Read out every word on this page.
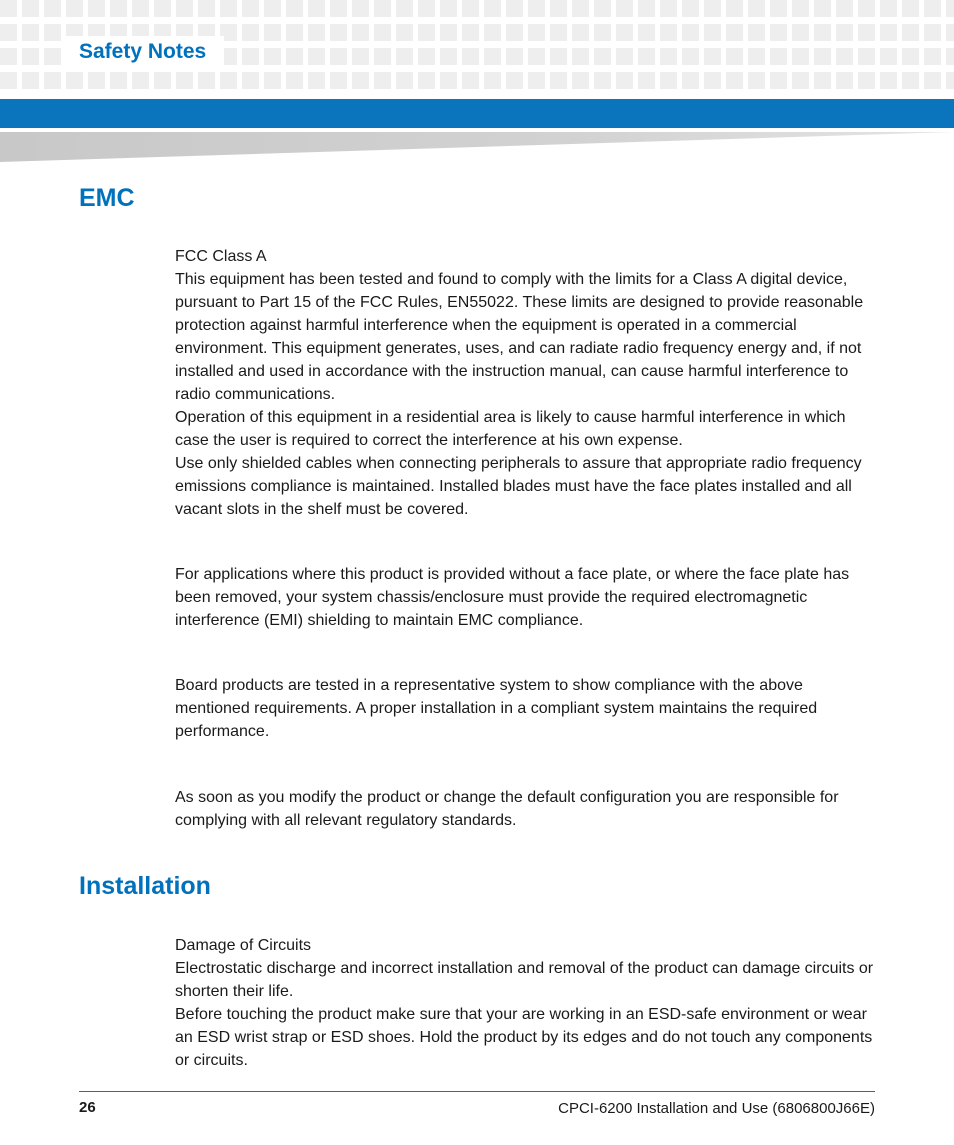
Safety Notes
EMC

FCC Class A

This equipment has been tested and found to comply with the limits for a Class A digital device, pursuant to Part 15 of the FCC Rules, EN55022. These limits are designed to provide reasonable protection against harmful interference when the equipment is operated in a commercial environment. This equipment generates, uses, and can radiate radio frequency energy and, if not installed and used in accordance with the instruction manual, can cause harmful interference to radio communications.

Operation of this equipment in a residential area is likely to cause harmful interference in which case the user is required to correct the interference at his own expense.

Use only shielded cables when connecting peripherals to assure that appropriate radio frequency emissions compliance is maintained. Installed blades must have the face plates installed and all vacant slots in the shelf must be covered.

For applications where this product is provided without a face plate, or where the face plate has been removed, your system chassis/enclosure must provide the required electromagnetic interference (EMI) shielding to maintain EMC compliance.

Board products are tested in a representative system to show compliance with the above mentioned requirements. A proper installation in a compliant system maintains the required performance.

As soon as you modify the product or change the default configuration you are responsible for complying with all relevant regulatory standards.

Installation

Damage of Circuits

Electrostatic discharge and incorrect installation and removal of the product can damage circuits or shorten their life.

Before touching the product make sure that your are working in an ESD-safe environment or wear an ESD wrist strap or ESD shoes. Hold the product by its edges and do not touch any components or circuits.

26	CPCI-6200 Installation and Use (6806800J66E)
